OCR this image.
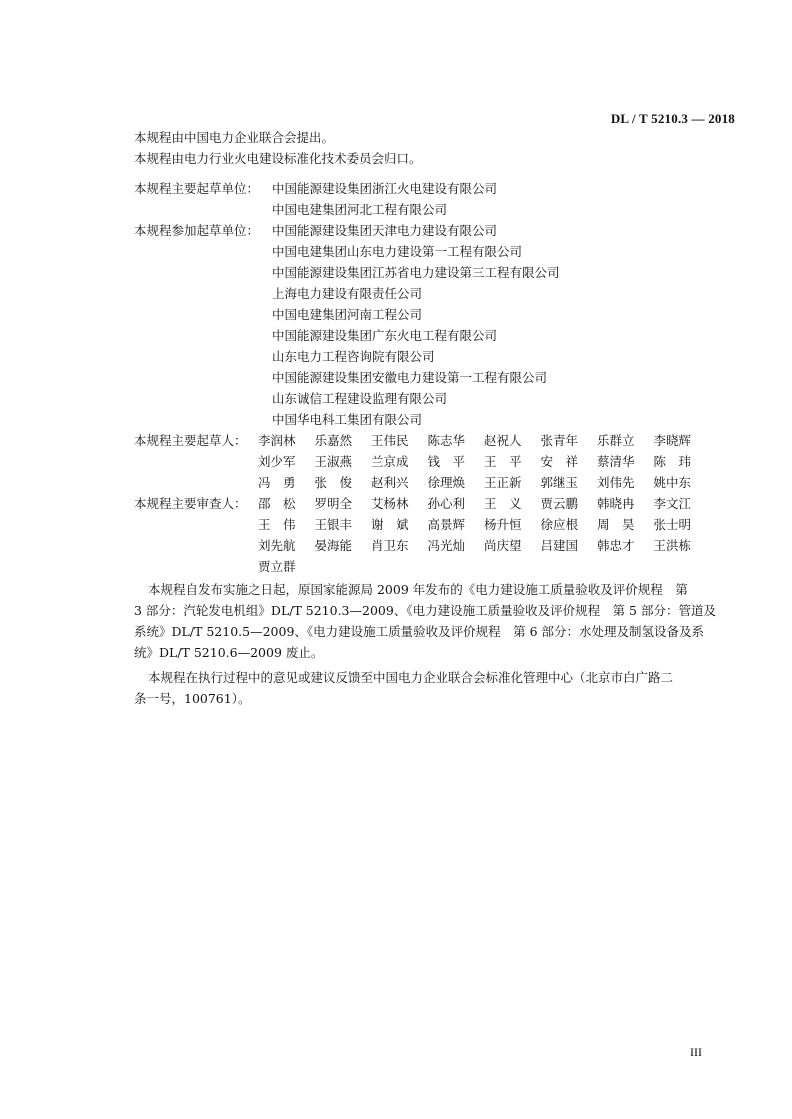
DL / T 5210.3 — 2018
本规程由中国电力企业联合会提出。
本规程由电力行业火电建设标准化技术委员会归口。
本规程主要起草单位： 中国能源建设集团浙江火电建设有限公司
中国电建集团河北工程有限公司
本规程参加起草单位： 中国能源建设集团天津电力建设有限公司
中国电建集团山东电力建设第一工程有限公司
中国能源建设集团江苏省电力建设第三工程有限公司
上海电力建设有限责任公司
中国电建集团河南工程公司
中国能源建设集团广东火电工程有限公司
山东电力工程咨询院有限公司
中国能源建设集团安徽电力建设第一工程有限公司
山东诚信工程建设监理有限公司
中国华电科工集团有限公司
本规程主要起草人： 李润林	乐嘉然	王伟民	陈志华	赵祝人	张青年	乐群立	李晓辉
刘少军	王淑燕	兰京成	钱　平	王　平	安　祥	蔡清华	陈　玮
冯　勇	张　俊	赵利兴	徐理焕	王正新	郭继玉	刘伟先	姚中东
本规程主要审查人： 邵　松	罗明全	艾杨林	孙心利	王　义	贾云鹏	韩晓冉	李文江
王　伟	王银丰	谢　斌	高景辉	杨升恒	徐应根	周　昊	张士明
刘先航	晏海能	肖卫东	冯光灿	尚庆望	吕建国	韩忠才	王洪栋
贾立群
本规程自发布实施之日起，原国家能源局 2009 年发布的《电力建设施工质量验收及评价规程　第
3 部分：汽轮发电机组》DL/T 5210.3—2009、《电力建设施工质量验收及评价规程　第 5 部分：管道及
系统》DL/T 5210.5—2009、《电力建设施工质量验收及评价规程　第 6 部分：水处理及制氢设备及系
统》DL/T 5210.6—2009 废止。
本规程在执行过程中的意见或建议反馈至中国电力企业联合会标准化管理中心（北京市白广路二
条一号，100761）。
III
